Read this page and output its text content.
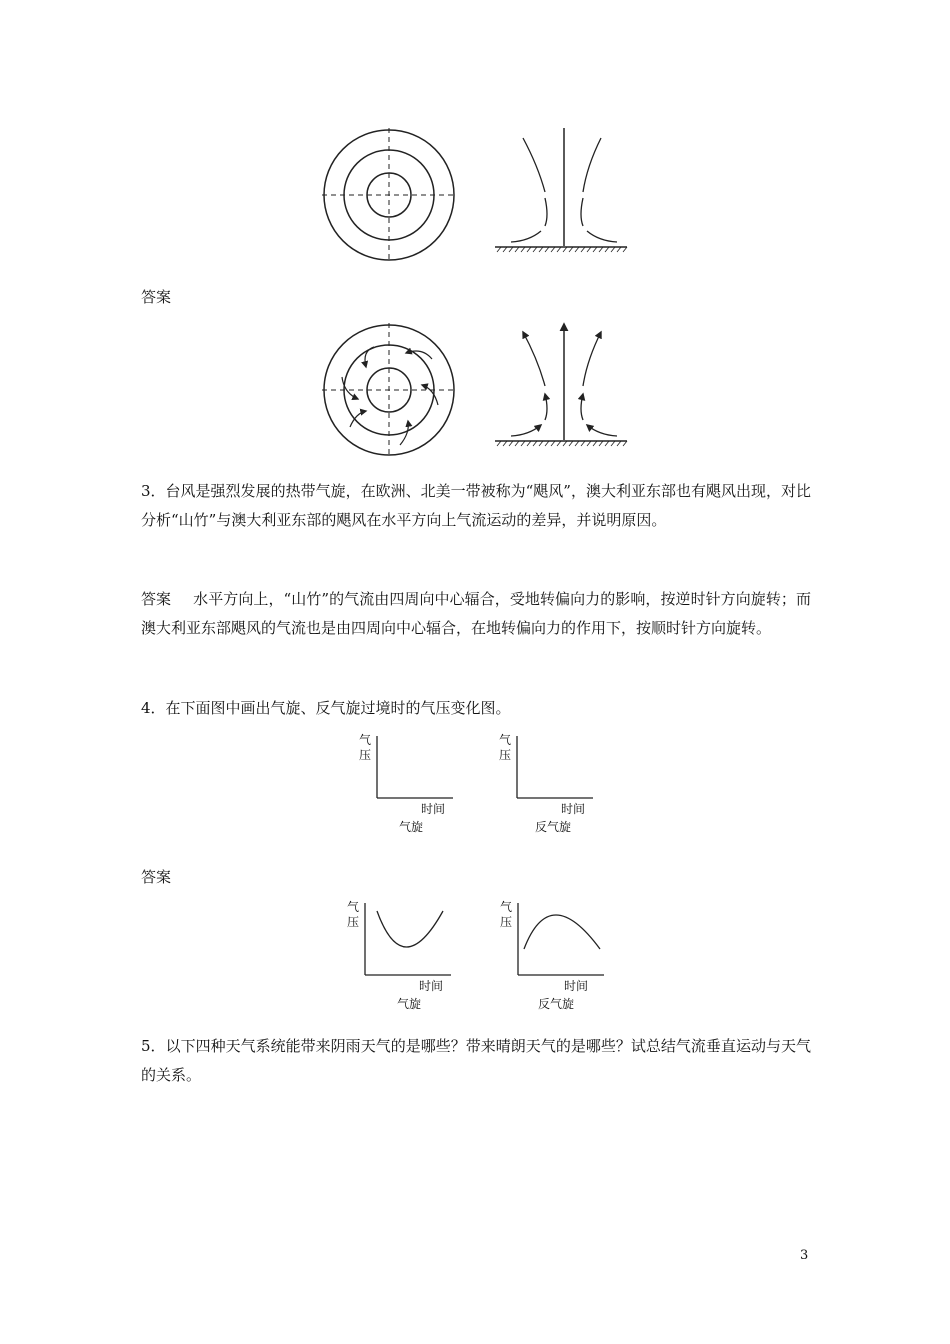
答案
3．台风是强烈发展的热带气旋，在欧洲、北美一带被称为“飓风”，澳大利亚东部也有飓风出现，对比分析“山竹”与澳大利亚东部的飓风在水平方向上气流运动的差异，并说明原因。
答案 水平方向上，“山竹”的气流由四周向中心辐合，受地转偏向力的影响，按逆时针方向旋转；而澳大利亚东部飓风的气流也是由四周向中心辐合，在地转偏向力的作用下，按顺时针方向旋转。
4．在下面图中画出气旋、反气旋过境时的气压变化图。
气
压
时间
气旋
气
压
时间
反气旋
答案
气
压
时间
气旋
气
压
时间
反气旋
5．以下四种天气系统能带来阴雨天气的是哪些？带来晴朗天气的是哪些？试总结气流垂直运动与天气的关系。
3
